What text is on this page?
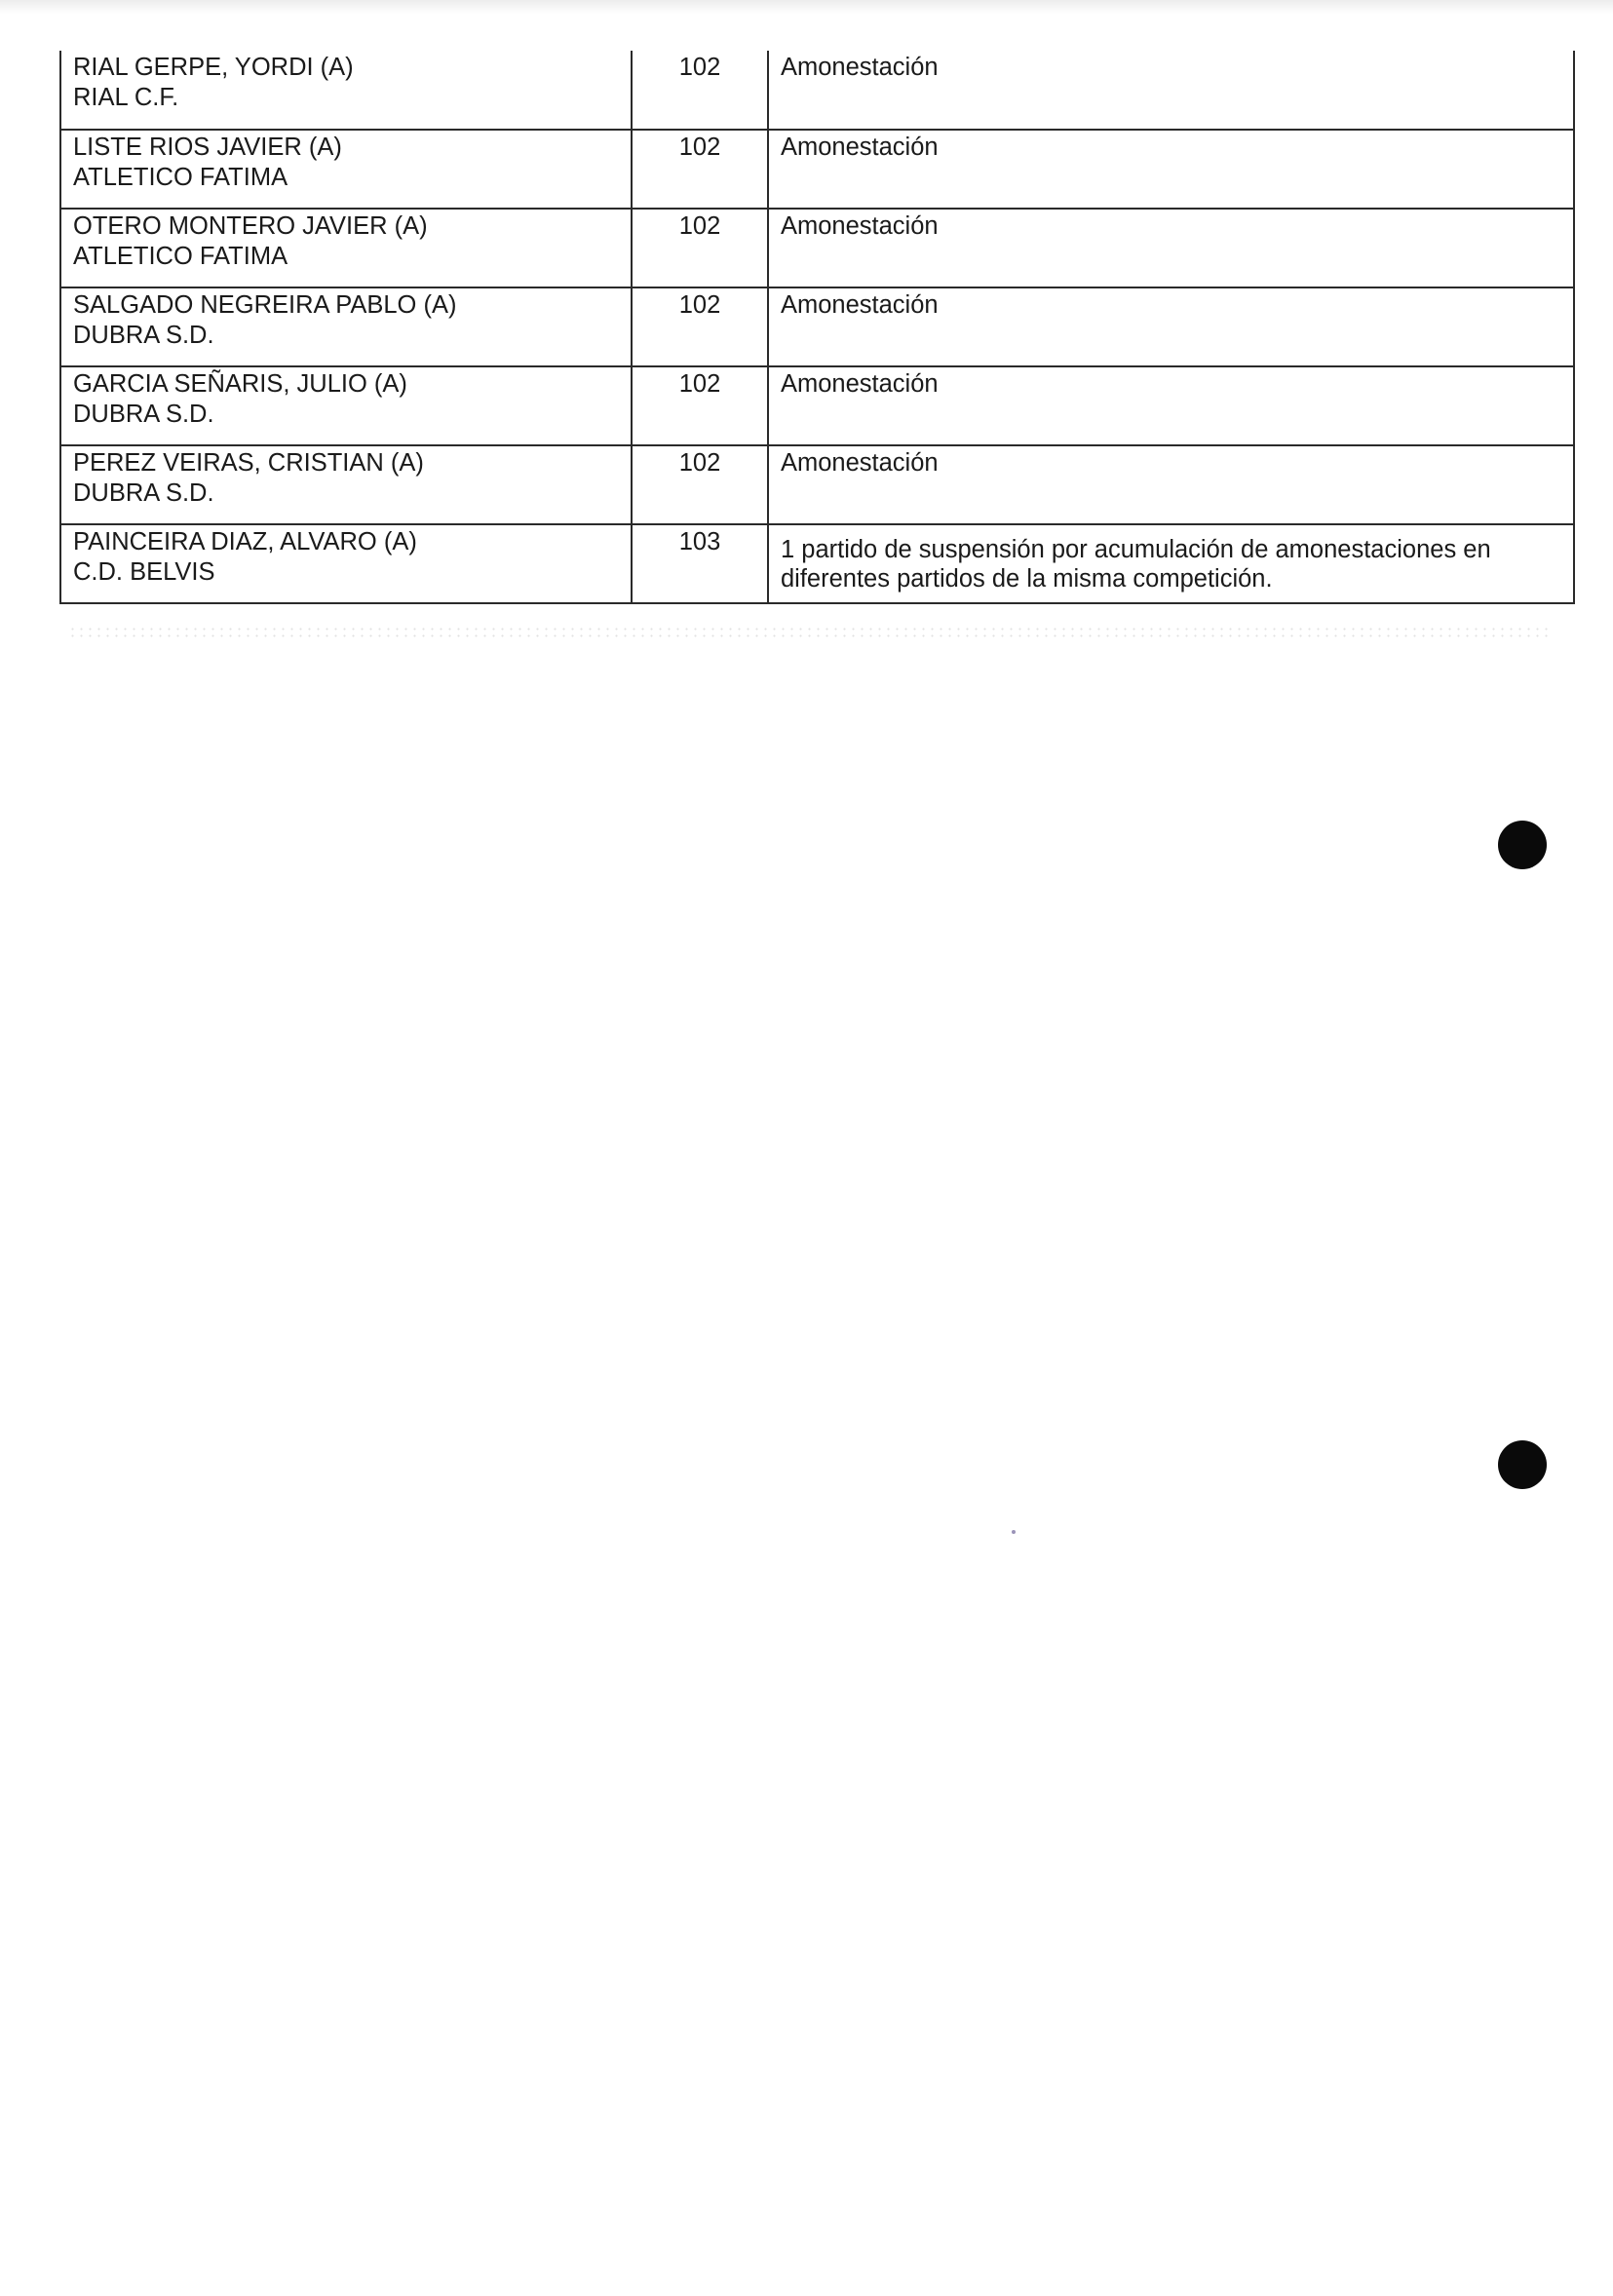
RIAL GERPE, YORDI (A)
RIAL C.F.	102	Amonestación

LISTE RIOS JAVIER (A)
ATLETICO FATIMA	102	Amonestación

OTERO MONTERO JAVIER (A)
ATLETICO FATIMA	102	Amonestación

SALGADO NEGREIRA PABLO (A)
DUBRA S.D.	102	Amonestación

GARCIA SEÑARIS, JULIO (A)
DUBRA S.D.	102	Amonestación

PEREZ VEIRAS, CRISTIAN (A)
DUBRA S.D.	102	Amonestación

PAINCEIRA DIAZ, ALVARO (A)
C.D. BELVIS	103	1 partido de suspensión por acumulación de amonestaciones en diferentes partidos de la misma competición.
